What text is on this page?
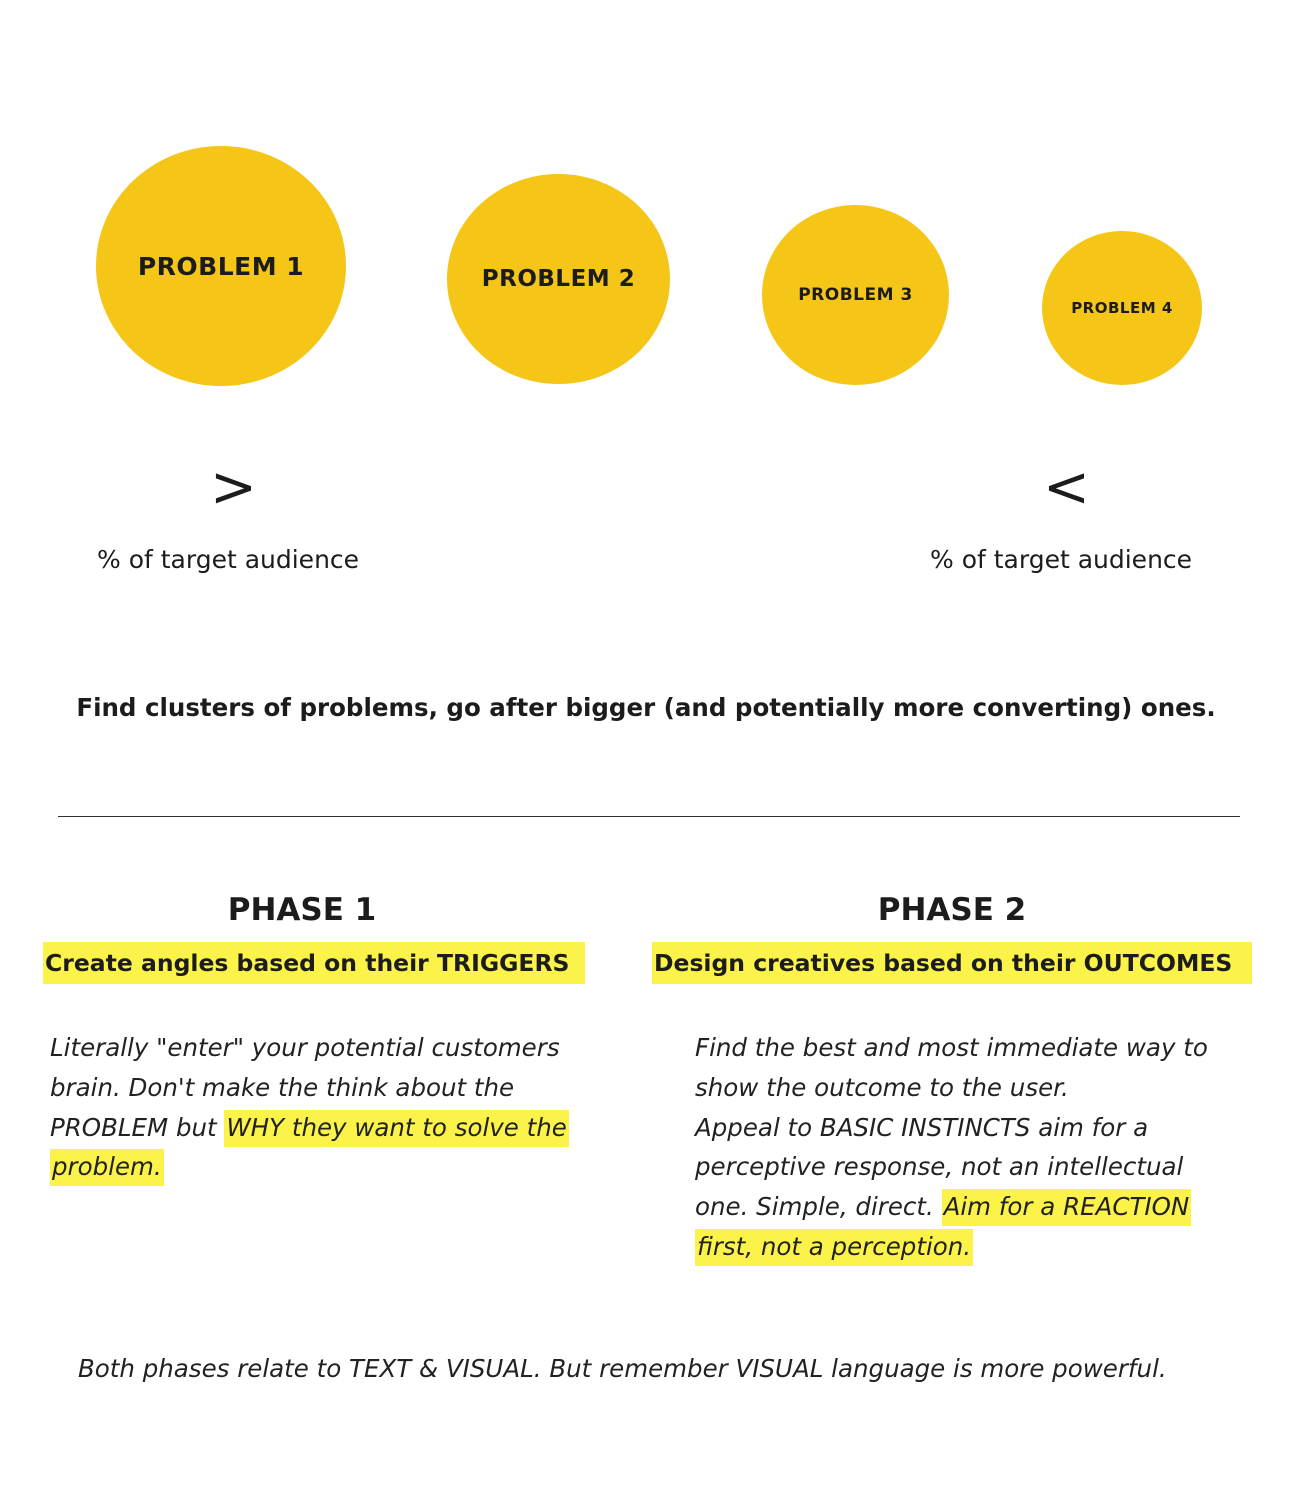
PROBLEM 1	PROBLEM 2
PROBLEM 3
PROBLEM 4
>	<
% of target audience	% of target audience
Find clusters of problems, go after bigger (and potentially more converting) ones.
PHASE 1
Create angles based on their TRIGGERS
Literally "enter" your potential customers brain. Don't make the think about the PROBLEM but WHY they want to solve the problem.
PHASE 2
Design creatives based on their OUTCOMES
Find the best and most immediate way to show the outcome to the user.
Appeal to BASIC INSTINCTS aim for a perceptive response, not an intellectual one. Simple, direct. Aim for a REACTION first, not a perception.
Both phases relate to TEXT & VISUAL. But remember VISUAL language is more powerful.
